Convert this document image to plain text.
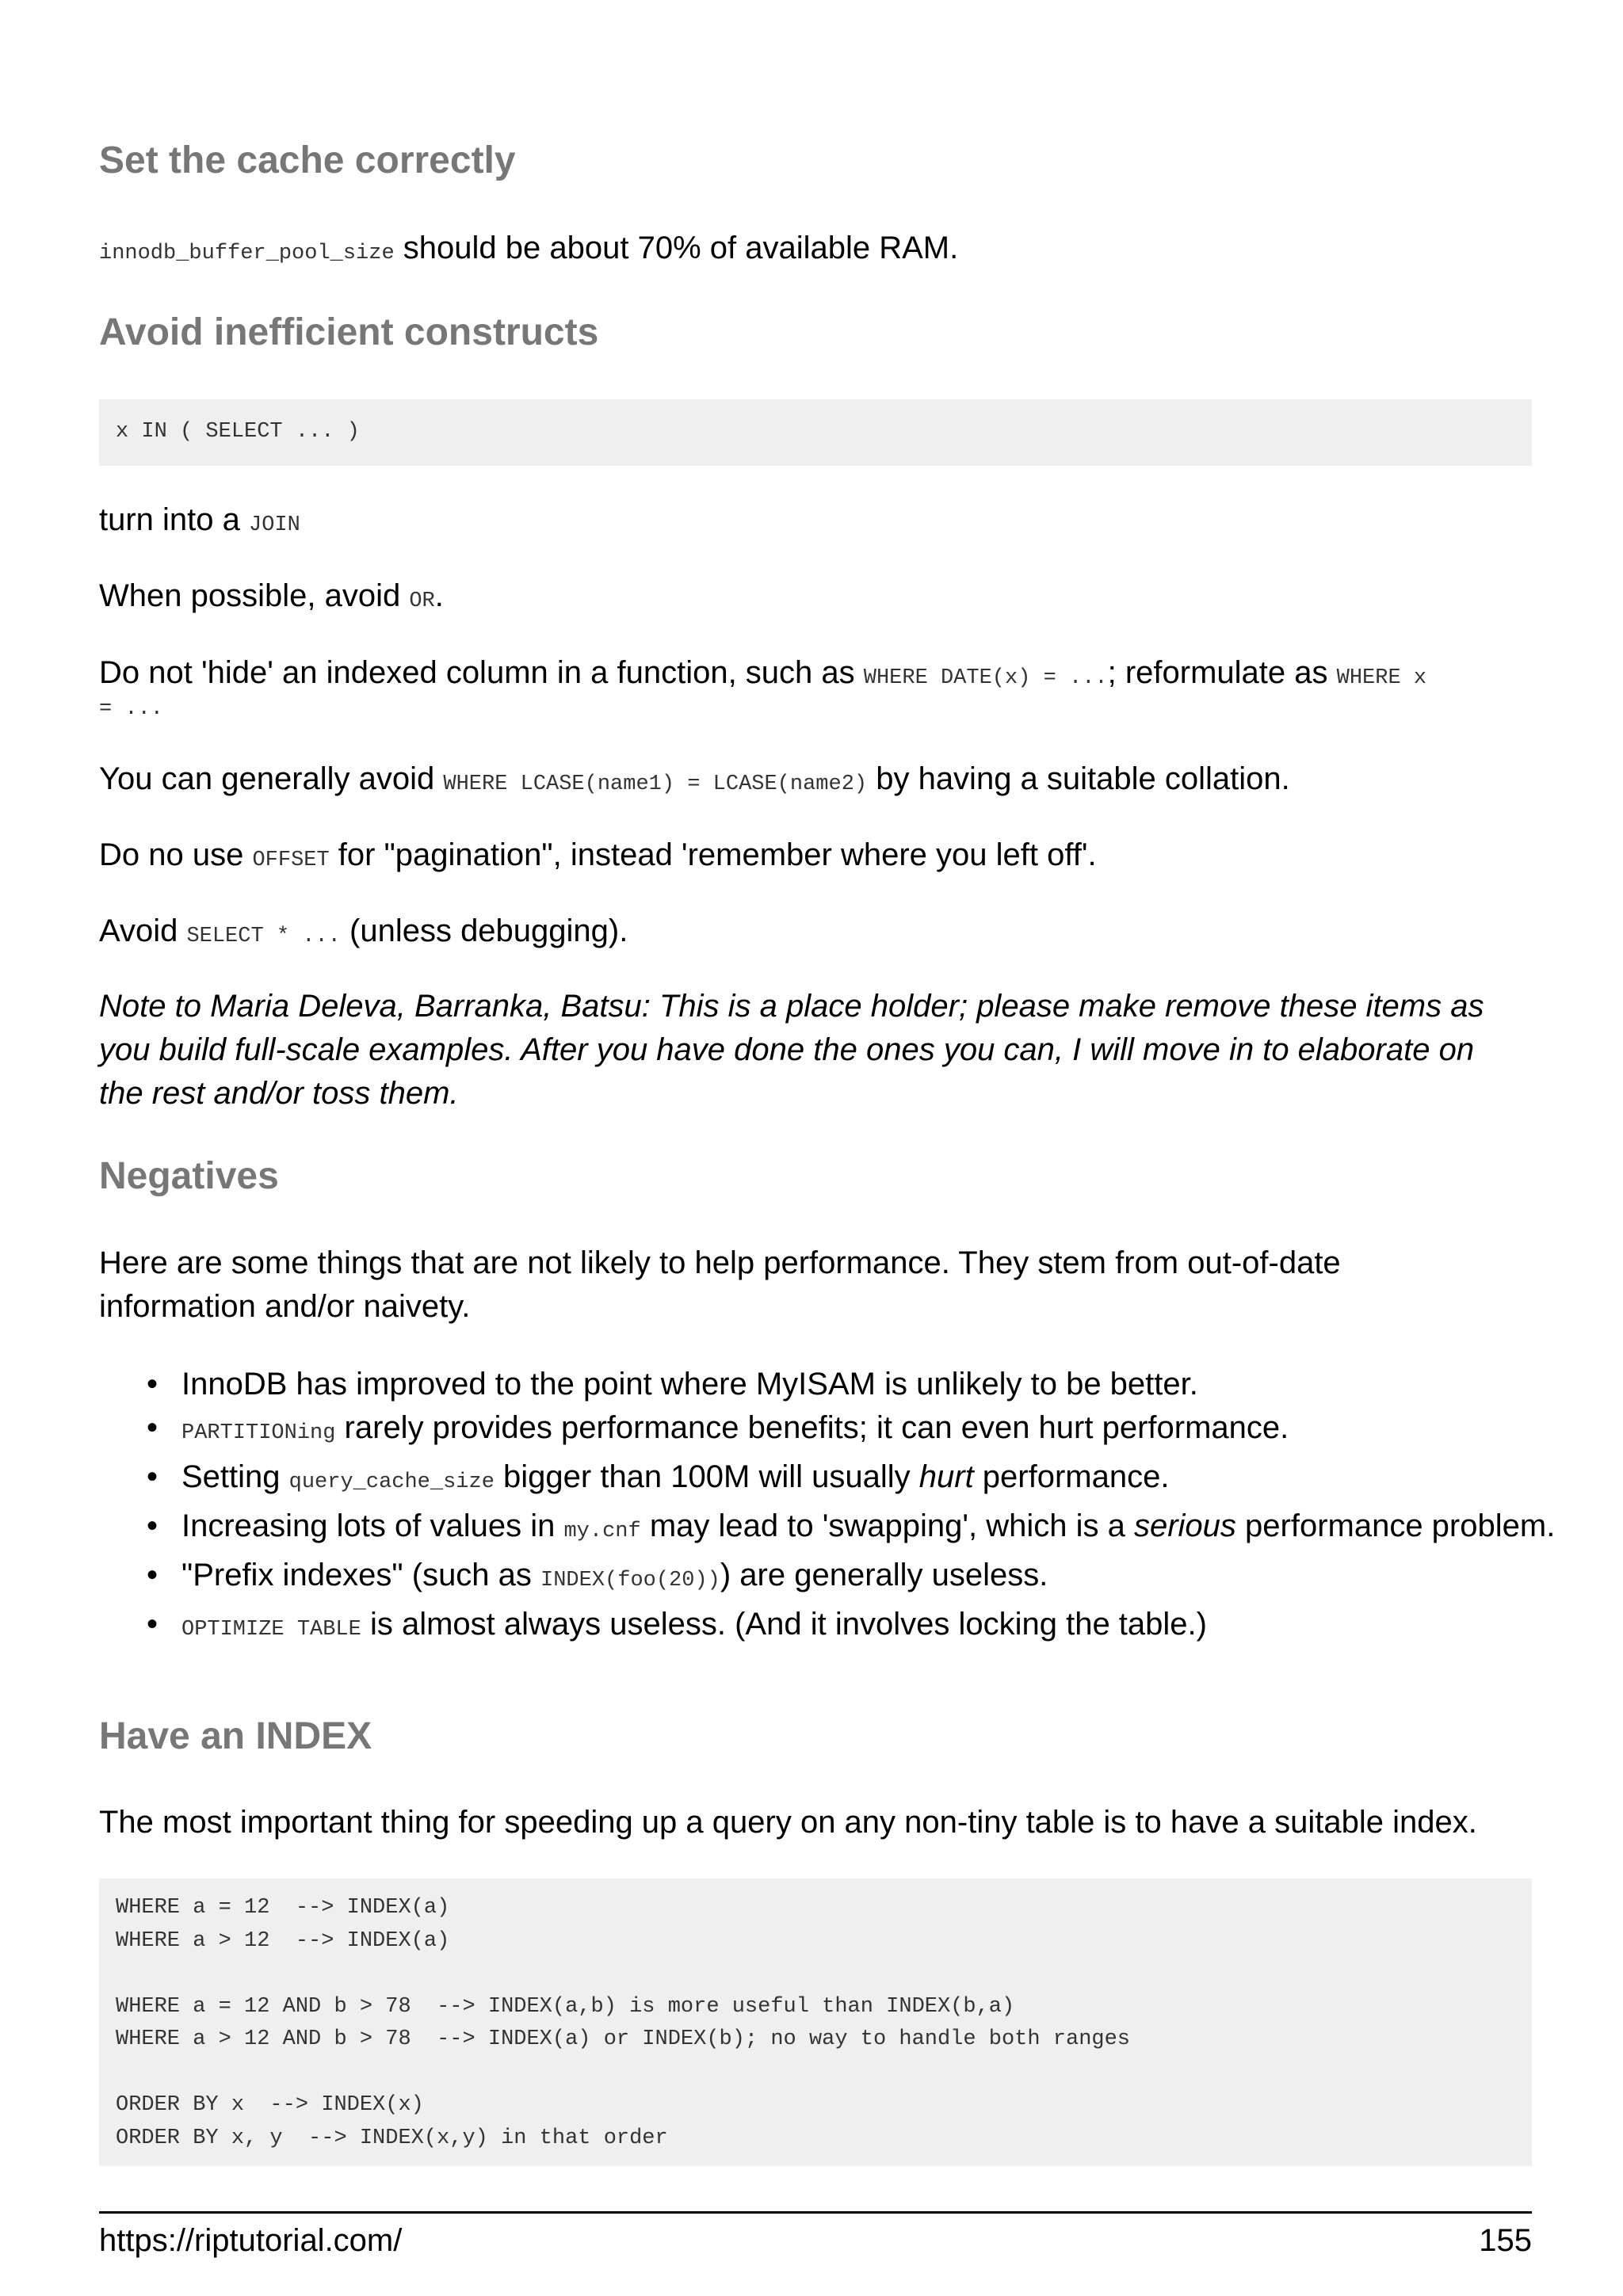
Set the cache correctly

innodb_buffer_pool_size should be about 70% of available RAM.

Avoid inefficient constructs
x IN ( SELECT ... )

turn into a JOIN

When possible, avoid OR.

Do not 'hide' an indexed column in a function, such as WHERE DATE(x) = ...; reformulate as WHERE x

= ...

You can generally avoid WHERE LCASE(name1) = LCASE(name2) by having a suitable collation.

Do no use OFFSET for "pagination", instead 'remember where you left off'.

Avoid SELECT * ... (unless debugging).

Note to Maria Deleva, Barranka, Batsu: This is a place holder; please make remove these items as you build full-scale examples. After you have done the ones you can, I will move in to elaborate on the rest and/or toss them.

Negatives

Here are some things that are not likely to help performance. They stem from out-of-date information and/or naivety.

• InnoDB has improved to the point where MyISAM is unlikely to be better.
• PARTITIONing rarely provides performance benefits; it can even hurt performance.
• Setting query_cache_size bigger than 100M will usually hurt performance.
• Increasing lots of values in my.cnf may lead to 'swapping', which is a serious performance problem.
• "Prefix indexes" (such as INDEX(foo(20))) are generally useless.
• OPTIMIZE TABLE is almost always useless. (And it involves locking the table.)
Have an INDEX

The most important thing for speeding up a query on any non-tiny table is to have a suitable index.

WHERE a = 12  --> INDEX(a)
WHERE a > 12  --> INDEX(a)

WHERE a = 12 AND b > 78  --> INDEX(a,b) is more useful than INDEX(b,a)
WHERE a > 12 AND b > 78  --> INDEX(a) or INDEX(b); no way to handle both ranges

ORDER BY x  --> INDEX(x)
ORDER BY x, y  --> INDEX(x,y) in that order
https://riptutorial.com/	155
